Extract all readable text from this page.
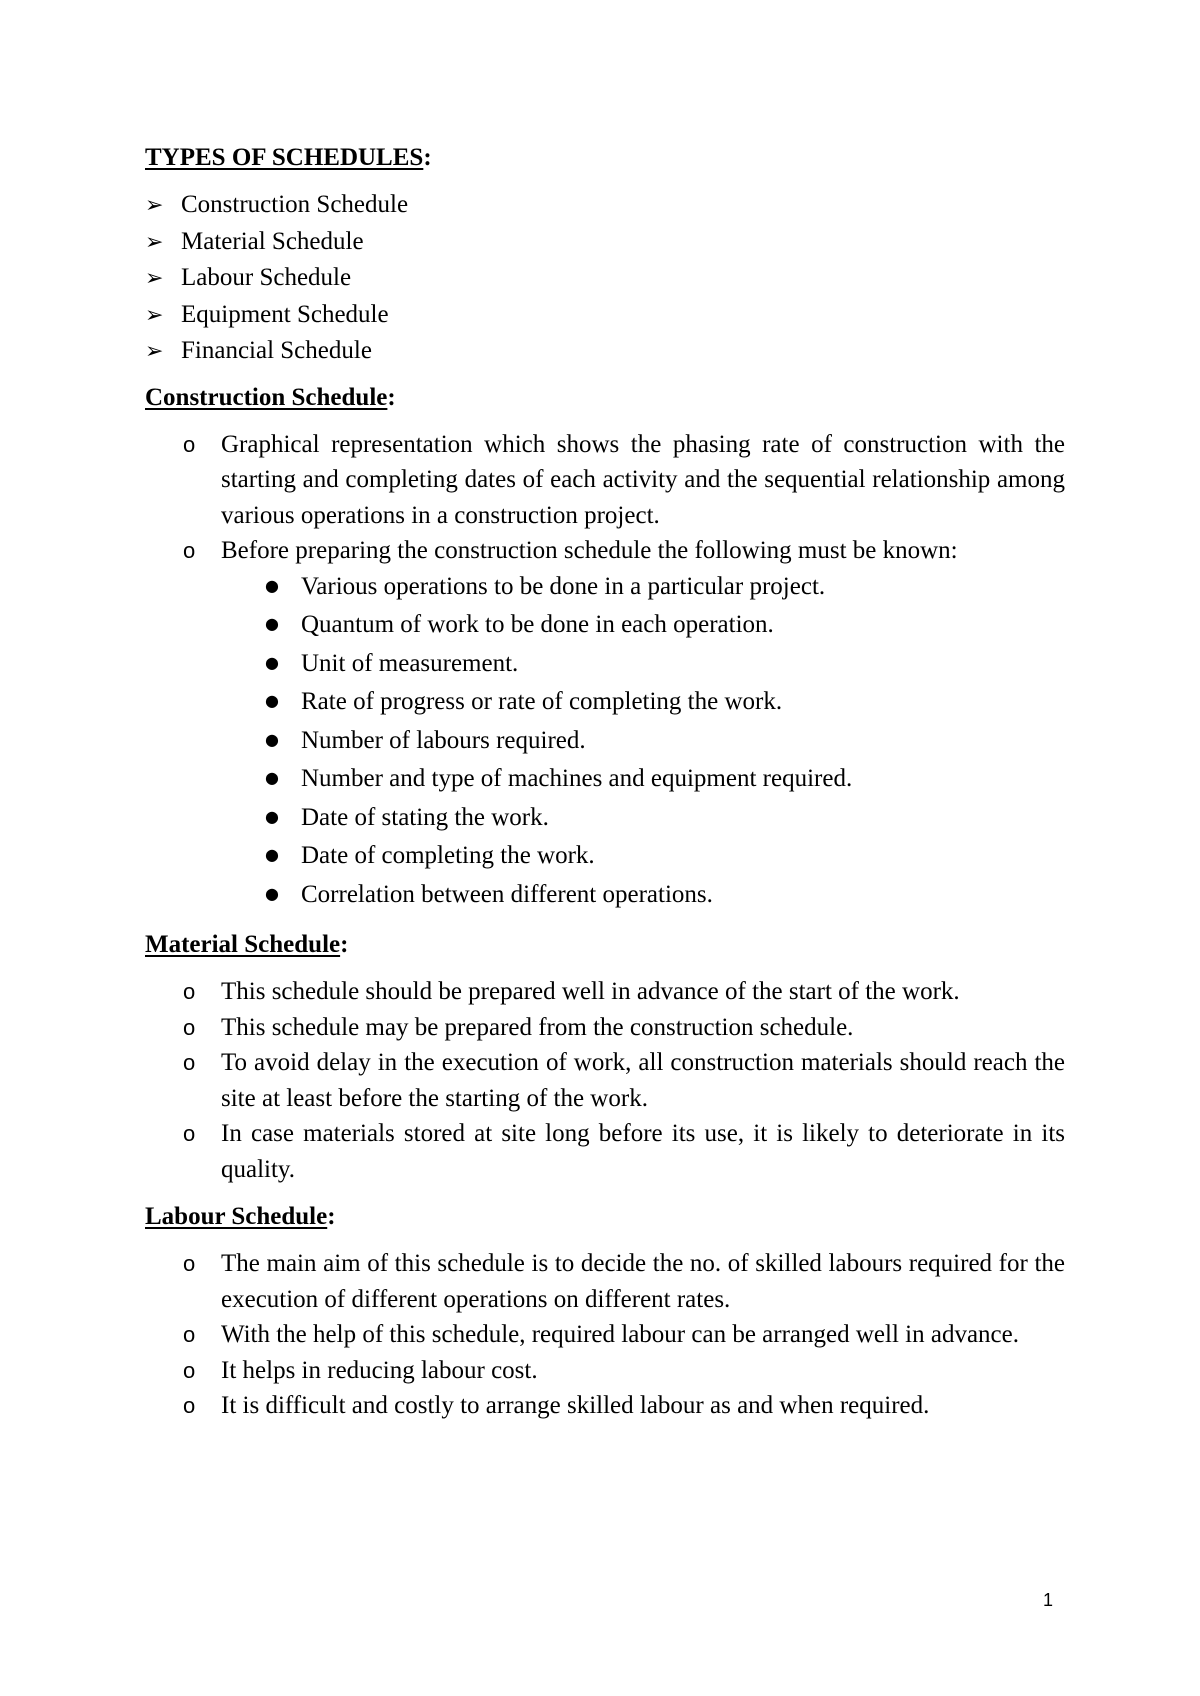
TYPES OF SCHEDULES:
➢ Construction Schedule
➢ Material Schedule
➢ Labour Schedule
➢ Equipment Schedule
➢ Financial Schedule
Construction Schedule:
o	Graphical representation which shows the phasing rate of construction with the starting and completing dates of each activity and the sequential relationship among various operations in a construction project.
o	Before preparing the construction schedule the following must be known:
● Various operations to be done in a particular project.
● Quantum of work to be done in each operation.
● Unit of measurement.
● Rate of progress or rate of completing the work.
● Number of labours required.
● Number and type of machines and equipment required.
● Date of stating the work.
● Date of completing the work.
● Correlation between different operations.
Material Schedule:
o	This schedule should be prepared well in advance of the start of the work.
o	This schedule may be prepared from the construction schedule.
o	To avoid delay in the execution of work, all construction materials should reach the site at least before the starting of the work.
o	In case materials stored at site long before its use, it is likely to deteriorate in its quality.
Labour Schedule:
o	The main aim of this schedule is to decide the no. of skilled labours required for the execution of different operations on different rates.
o	With the help of this schedule, required labour can be arranged well in advance.
o	It helps in reducing labour cost.
o	It is difficult and costly to arrange skilled labour as and when required.
1
